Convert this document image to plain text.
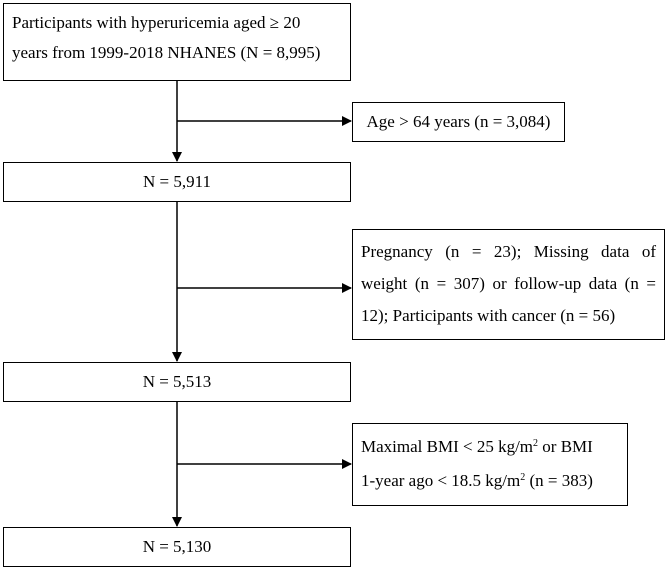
Participants with hyperuricemia aged ≥ 20
years from 1999-2018 NHANES (N = 8,995)
Age > 64 years (n = 3,084)
N = 5,911
Pregnancy (n = 23); Missing data of
weight (n = 307) or follow-up data (n =
12); Participants with cancer (n = 56)
N = 5,513
Maximal BMI < 25 $kg/m^2$ or BMI
1-year ago < 18.5 $kg/m^2$ (n = 383)
N = 5,130
